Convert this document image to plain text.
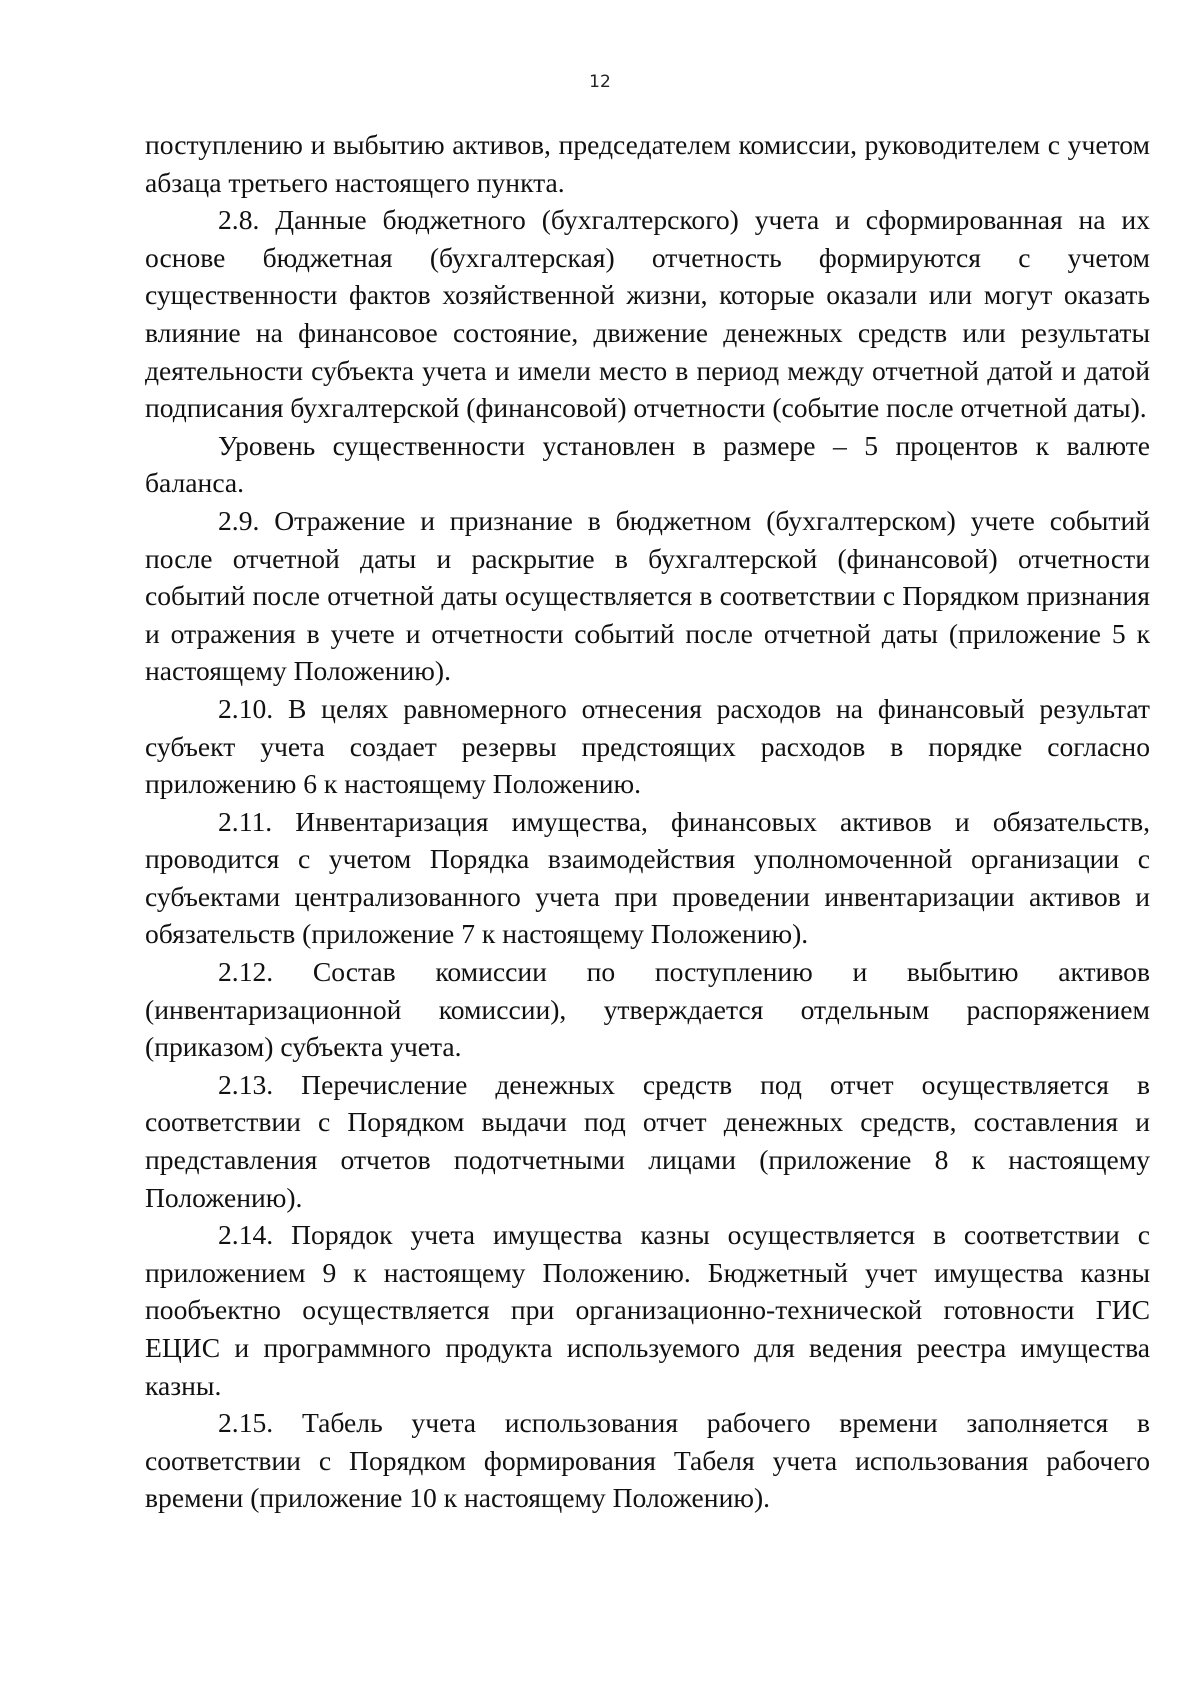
12

поступлению и выбытию активов, председателем комиссии, руководителем с учетом абзаца третьего настоящего пункта.

2.8. Данные бюджетного (бухгалтерского) учета и сформированная на их основе бюджетная (бухгалтерская) отчетность формируются с учетом существенности фактов хозяйственной жизни, которые оказали или могут оказать влияние на финансовое состояние, движение денежных средств или результаты деятельности субъекта учета и имели место в период между отчетной датой и датой подписания бухгалтерской (финансовой) отчетности (событие после отчетной даты).

Уровень существенности установлен в размере – 5 процентов к валюте баланса.

2.9. Отражение и признание в бюджетном (бухгалтерском) учете событий после отчетной даты и раскрытие в бухгалтерской (финансовой) отчетности событий после отчетной даты осуществляется в соответствии с Порядком признания и отражения в учете и отчетности событий после отчетной даты (приложение 5 к настоящему Положению).

2.10. В целях равномерного отнесения расходов на финансовый результат субъект учета создает резервы предстоящих расходов в порядке согласно приложению 6 к настоящему Положению.

2.11. Инвентаризация имущества, финансовых активов и обязательств, проводится с учетом Порядка взаимодействия уполномоченной организации с субъектами централизованного учета при проведении инвентаризации активов и обязательств (приложение 7 к настоящему Положению).

2.12. Состав комиссии по поступлению и выбытию активов (инвентаризационной комиссии), утверждается отдельным распоряжением (приказом) субъекта учета.

2.13. Перечисление денежных средств под отчет осуществляется в соответствии с Порядком выдачи под отчет денежных средств, составления и представления отчетов подотчетными лицами (приложение 8 к настоящему Положению).

2.14. Порядок учета имущества казны осуществляется в соответствии с приложением 9 к настоящему Положению. Бюджетный учет имущества казны пообъектно осуществляется при организационно-технической готовности ГИС ЕЦИС и программного продукта используемого для ведения реестра имущества казны.

2.15. Табель учета использования рабочего времени заполняется в соответствии с Порядком формирования Табеля учета использования рабочего времени (приложение 10 к настоящему Положению).
